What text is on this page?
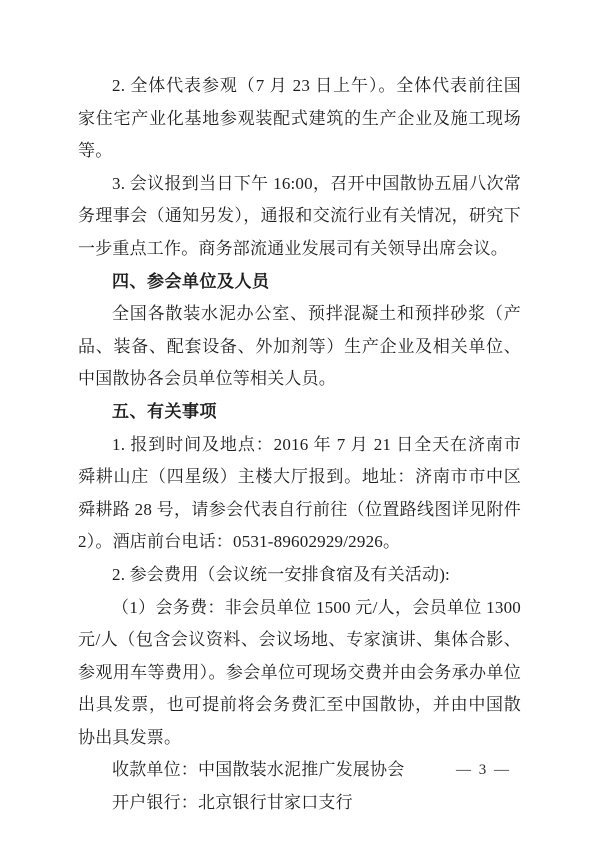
2. 全体代表参观（7 月 23 日上午）。全体代表前往国家住宅产业化基地参观装配式建筑的生产企业及施工现场等。

3. 会议报到当日下午 16:00，召开中国散协五届八次常务理事会（通知另发），通报和交流行业有关情况，研究下一步重点工作。商务部流通业发展司有关领导出席会议。

四、参会单位及人员

全国各散装水泥办公室、预拌混凝土和预拌砂浆（产品、装备、配套设备、外加剂等）生产企业及相关单位、中国散协各会员单位等相关人员。

五、有关事项

1. 报到时间及地点：2016 年 7 月 21 日全天在济南市舜耕山庄（四星级）主楼大厅报到。地址：济南市市中区舜耕路 28 号，请参会代表自行前往（位置路线图详见附件 2）。酒店前台电话：0531-89602929/2926。

2. 参会费用（会议统一安排食宿及有关活动):

（1）会务费：非会员单位 1500 元/人，会员单位 1300 元/人（包含会议资料、会议场地、专家演讲、集体合影、参观用车等费用）。参会单位可现场交费并由会务承办单位出具发票，也可提前将会务费汇至中国散协，并由中国散协出具发票。

收款单位：中国散装水泥推广发展协会

开户银行：北京银行甘家口支行

— 3 —
